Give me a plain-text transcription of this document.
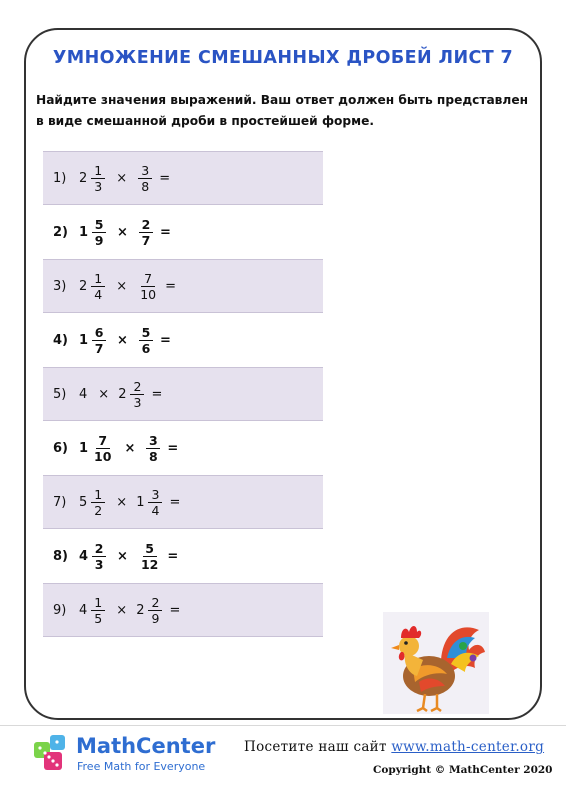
УМНОЖЕНИЕ СМЕШАННЫХ ДРОБЕЙ ЛИСТ 7
Найдите значения выражений. Ваш ответ должен быть представлен в виде смешанной дроби в простейшей форме.
1) $2 \frac{1}{3} \times \frac{3}{8}$ =
2) $1 \frac{5}{9} \times \frac{2}{7}$ =
3) $2 \frac{1}{4} \times \frac{7}{10}$ =
4) $1 \frac{6}{7} \times \frac{5}{6}$ =
5) $4 \times 2 \frac{2}{3}$ =
6) $1 \frac{7}{10} \times \frac{3}{8}$ =
7) $5 \frac{1}{2} \times 1 \frac{3}{4}$ =
8) $4 \frac{2}{3} \times \frac{5}{12}$ =
9) $4 \frac{1}{5} \times 2 \frac{2}{9}$ =
MathCenter
Free Math for Everyone
Посетите наш сайт www.math-center.org
Copyright © MathCenter 2020
